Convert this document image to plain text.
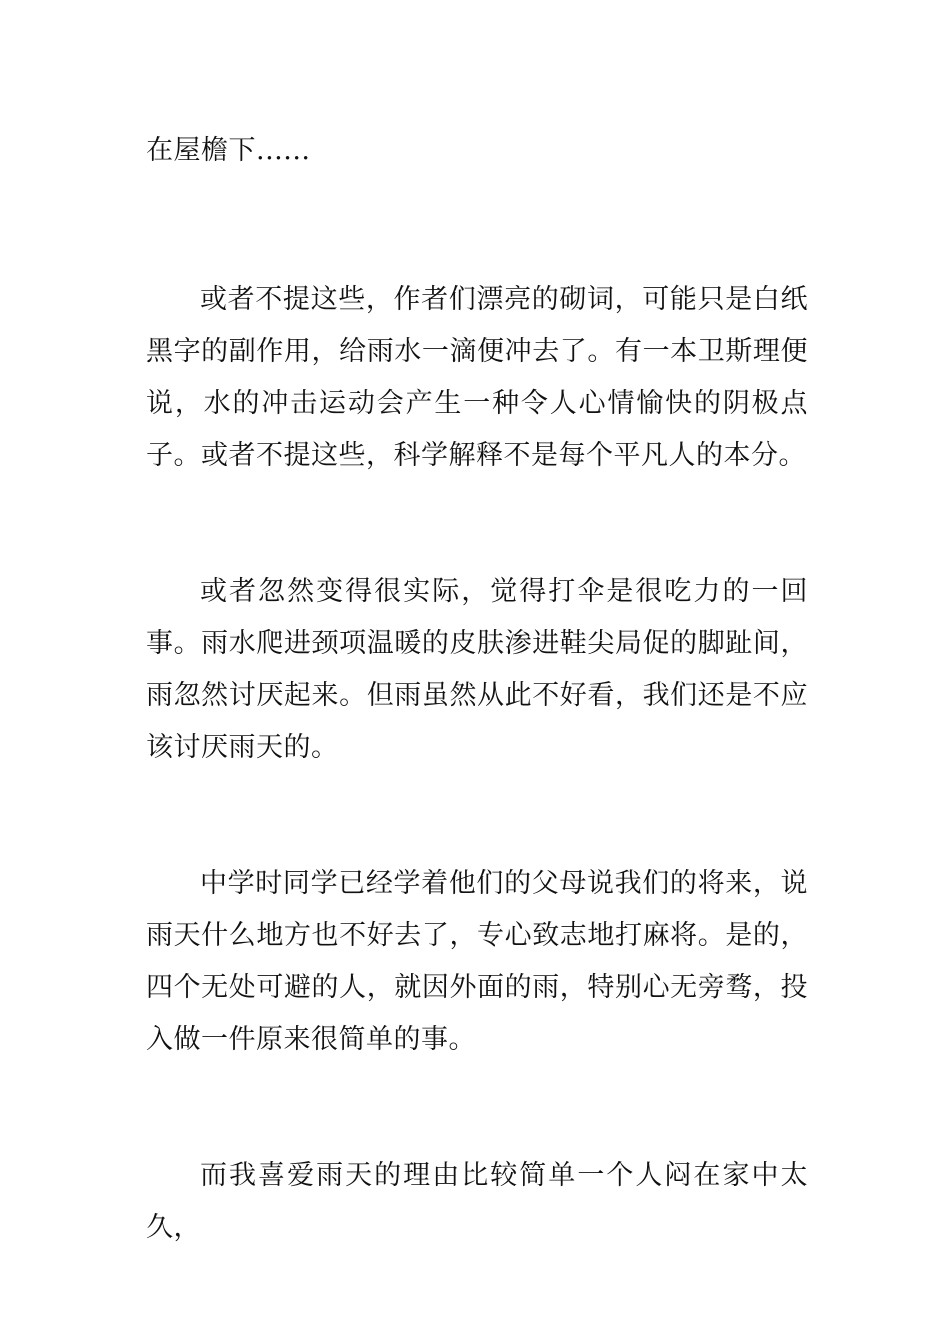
在屋檐下......

或者不提这些，作者们漂亮的砌词，可能只是白纸黑字的副作用，给雨水一滴便冲去了。有一本卫斯理便说，水的冲击运动会产生一种令人心情愉快的阴极点子。或者不提这些，科学解释不是每个平凡人的本分。

或者忽然变得很实际，觉得打伞是很吃力的一回事。雨水爬进颈项温暖的皮肤渗进鞋尖局促的脚趾间，雨忽然讨厌起来。但雨虽然从此不好看，我们还是不应该讨厌雨天的。

中学时同学已经学着他们的父母说我们的将来，说雨天什么地方也不好去了，专心致志地打麻将。是的，四个无处可避的人，就因外面的雨，特别心无旁骛，投入做一件原来很简单的事。

而我喜爱雨天的理由比较简单一个人闷在家中太久，
